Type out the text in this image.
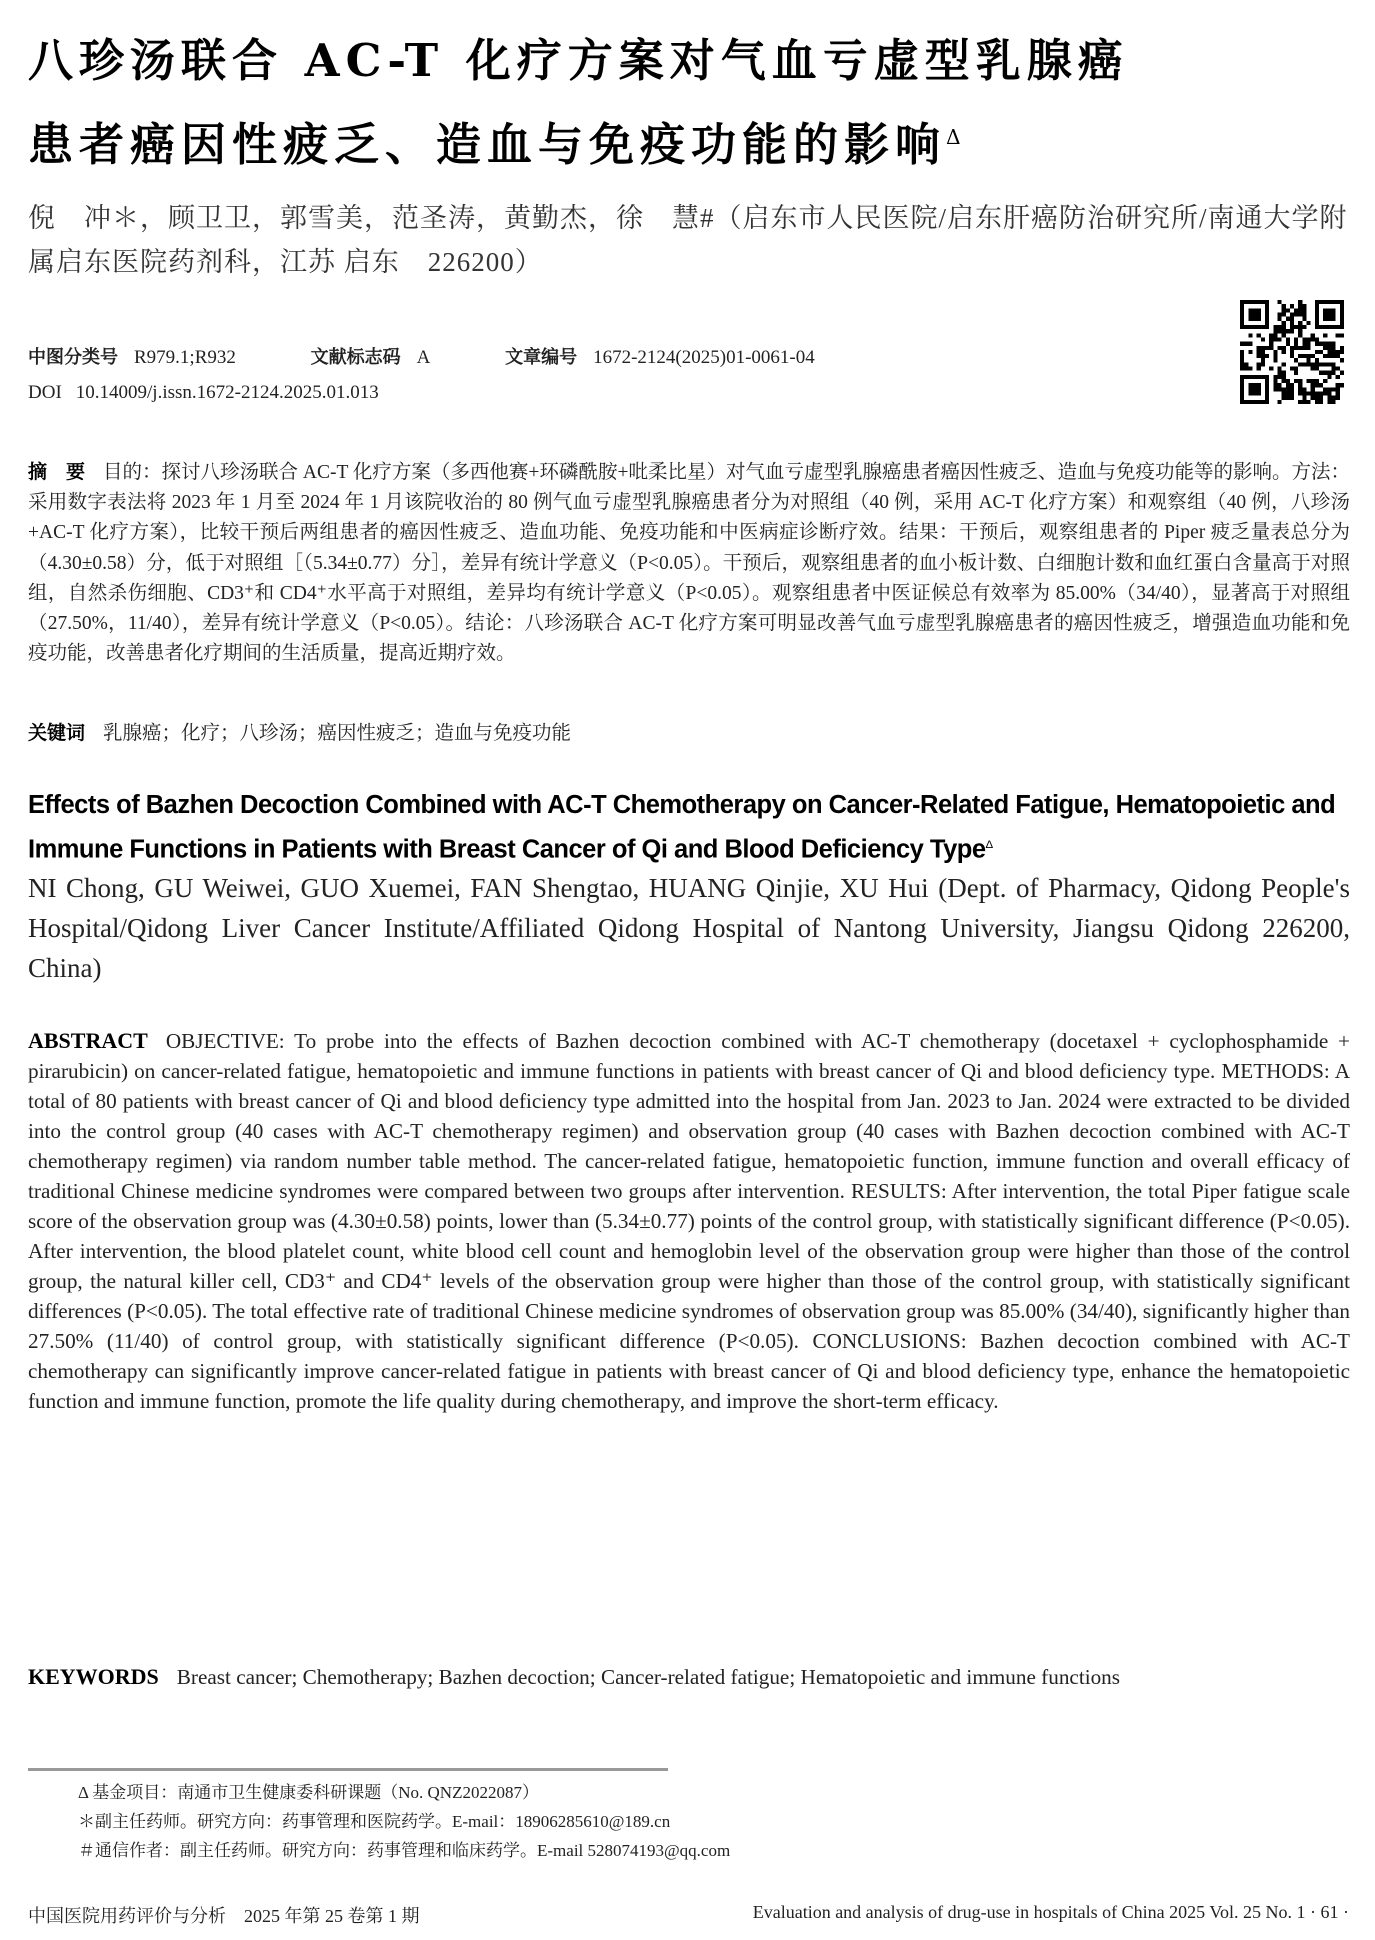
八珍汤联合 AC-T 化疗方案对气血亏虚型乳腺癌
患者癌因性疲乏、造血与免疫功能的影响$^\Delta$
倪　冲＊，顾卫卫，郭雪美，范圣涛，黄勤杰，徐　慧#（启东市人民医院/启东肝癌防治研究所/南通大学附属启东医院药剂科，江苏 启东　226200）
中图分类号 R979.1;R932	文献标志码 A	文章编号 1672-2124(2025)01-0061-04
DOI 10.14009/j.issn.1672-2124.2025.01.013
摘　要 目的：探讨八珍汤联合 AC-T 化疗方案（多西他赛+环磷酰胺+吡柔比星）对气血亏虚型乳腺癌患者癌因性疲乏、造血与免疫功能等的影响。方法：采用数字表法将 2023 年 1 月至 2024 年 1 月该院收治的 80 例气血亏虚型乳腺癌患者分为对照组（40 例，采用 AC-T 化疗方案）和观察组（40 例，八珍汤+AC-T 化疗方案），比较干预后两组患者的癌因性疲乏、造血功能、免疫功能和中医病症诊断疗效。结果：干预后，观察组患者的 Piper 疲乏量表总分为（4.30±0.58）分，低于对照组［（5.34±0.77）分］，差异有统计学意义（P<0.05）。干预后，观察组患者的血小板计数、白细胞计数和血红蛋白含量高于对照组，自然杀伤细胞、CD3⁺和 CD4⁺水平高于对照组，差异均有统计学意义（P<0.05）。观察组患者中医证候总有效率为 85.00%（34/40），显著高于对照组（27.50%，11/40），差异有统计学意义（P<0.05）。结论：八珍汤联合 AC-T 化疗方案可明显改善气血亏虚型乳腺癌患者的癌因性疲乏，增强造血功能和免疫功能，改善患者化疗期间的生活质量，提高近期疗效。
关键词 乳腺癌；化疗；八珍汤；癌因性疲乏；造血与免疫功能
Effects of Bazhen Decoction Combined with AC-T Chemotherapy on Cancer-Related Fatigue, Hematopoietic and Immune Functions in Patients with Breast Cancer of Qi and Blood Deficiency Type$^\Delta$
NI Chong, GU Weiwei, GUO Xuemei, FAN Shengtao, HUANG Qinjie, XU Hui (Dept. of Pharmacy, Qidong People's Hospital/Qidong Liver Cancer Institute/Affiliated Qidong Hospital of Nantong University, Jiangsu Qidong 226200, China)
ABSTRACT OBJECTIVE: To probe into the effects of Bazhen decoction combined with AC-T chemotherapy (docetaxel + cyclophosphamide + pirarubicin) on cancer-related fatigue, hematopoietic and immune functions in patients with breast cancer of Qi and blood deficiency type. METHODS: A total of 80 patients with breast cancer of Qi and blood deficiency type admitted into the hospital from Jan. 2023 to Jan. 2024 were extracted to be divided into the control group (40 cases with AC-T chemotherapy regimen) and observation group (40 cases with Bazhen decoction combined with AC-T chemotherapy regimen) via random number table method. The cancer-related fatigue, hematopoietic function, immune function and overall efficacy of traditional Chinese medicine syndromes were compared between two groups after intervention. RESULTS: After intervention, the total Piper fatigue scale score of the observation group was (4.30±0.58) points, lower than (5.34±0.77) points of the control group, with statistically significant difference (P<0.05). After intervention, the blood platelet count, white blood cell count and hemoglobin level of the observation group were higher than those of the control group, the natural killer cell, CD3⁺ and CD4⁺ levels of the observation group were higher than those of the control group, with statistically significant differences (P<0.05). The total effective rate of traditional Chinese medicine syndromes of observation group was 85.00% (34/40), significantly higher than 27.50% (11/40) of control group, with statistically significant difference (P<0.05). CONCLUSIONS: Bazhen decoction combined with AC-T chemotherapy can significantly improve cancer-related fatigue in patients with breast cancer of Qi and blood deficiency type, enhance the hematopoietic function and immune function, promote the life quality during chemotherapy, and improve the short-term efficacy.
KEYWORDS Breast cancer; Chemotherapy; Bazhen decoction; Cancer-related fatigue; Hematopoietic and immune functions
Δ 基金项目：南通市卫生健康委科研课题（No. QNZ2022087）
＊副主任药师。研究方向：药事管理和医院药学。E-mail：18906285610@189.cn
＃通信作者：副主任药师。研究方向：药事管理和临床药学。E-mail 528074193@qq.com
中国医院用药评价与分析　2025 年第 25 卷第 1 期	Evaluation and analysis of drug-use in hospitals of China 2025 Vol. 25 No. 1 · 61 ·
